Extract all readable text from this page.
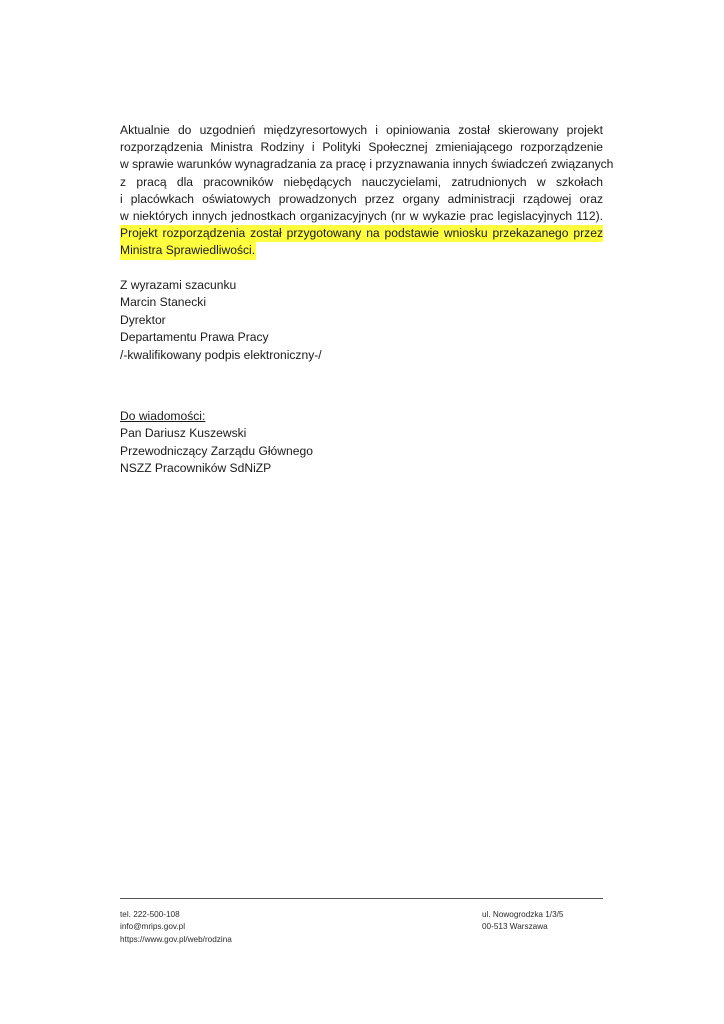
Aktualnie do uzgodnień międzyresortowych i opiniowania został skierowany projekt
rozporządzenia Ministra Rodziny i Polityki Społecznej zmieniającego rozporządzenie
w sprawie warunków wynagradzania za pracę i przyznawania innych świadczeń związanych
z pracą dla pracowników niebędących nauczycielami, zatrudnionych w szkołach
i placówkach oświatowych prowadzonych przez organy administracji rządowej oraz
w niektórych innych jednostkach organizacyjnych (nr w wykazie prac legislacyjnych 112).
Projekt rozporządzenia został przygotowany na podstawie wniosku przekazanego przez
Ministra Sprawiedliwości.
Z wyrazami szacunku
Marcin Stanecki
Dyrektor
Departamentu Prawa Pracy
/-kwalifikowany podpis elektroniczny-/
Do wiadomości:
Pan Dariusz Kuszewski
Przewodniczący Zarządu Głównego
NSZZ Pracowników SdNiZP
tel. 222-500-108
info@mrips.gov.pl
https://www.gov.pl/web/rodzina
ul. Nowogrodzka 1/3/5
00-513 Warszawa
